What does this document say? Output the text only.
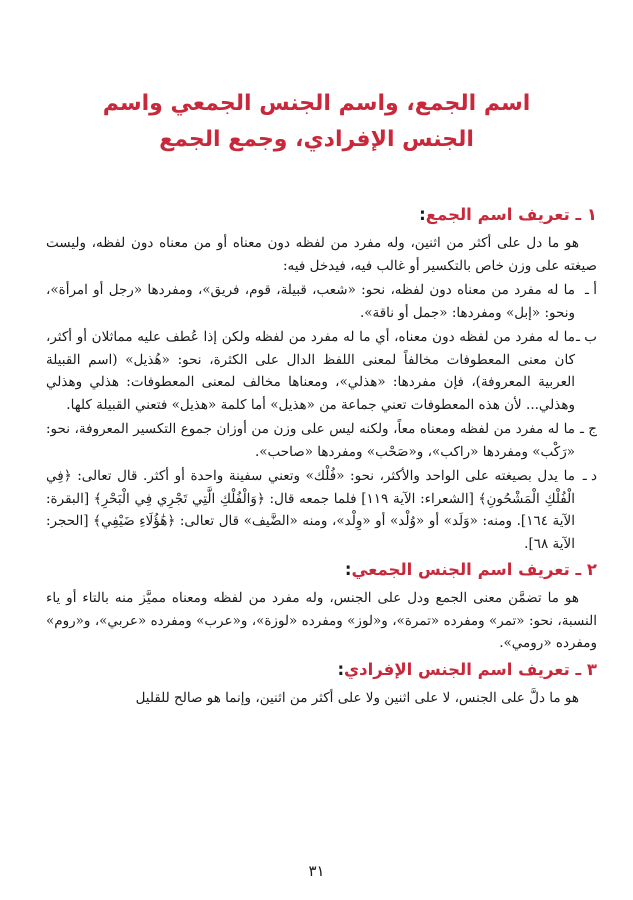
اسم الجمع، واسم الجنس الجمعي واسم
الجنس الإفرادي، وجمع الجمع
١ ـ تعريف اسم الجمع:

هو ما دل على أكثر من اثنين، وله مفرد من لفظه دون معناه أو من معناه دون لفظه، وليست صيغته على وزن خاص بالتكسير أو غالب فيه، فيدخل فيه:

أ ـ
ما له مفرد من معناه دون لفظه، نحو: «شعب، قبيلة، قوم، فريق»، ومفردها «رجل أو امرأة»، ونحو: «إبل» ومفردها: «جمل أو ناقة».
ب ـ
ما له مفرد من لفظه دون معناه، أي ما له مفرد من لفظه ولكن إذا عُطف عليه مماثلان أو أكثر، كان معنى المعطوفات مخالفاً لمعنى اللفظ الدال على الكثرة، نحو: «هُذيل» (اسم القبيلة العربية المعروفة)، فإن مفردها: «هذلي»، ومعناها مخالف لمعنى المعطوفات: هذلي وهذلي وهذلي... لأن هذه المعطوفات تعني جماعة من «هذيل» أما كلمة «هذيل» فتعني القبيلة كلها.
ج ـ
ما له مفرد من لفظه ومعناه معاً، ولكنه ليس على وزن من أوزان جموع التكسير المعروفة، نحو: «رَكْب» ومفردها «راكب»، و«صَحْب» ومفردها «صاحب».
د ـ
ما يدل بصيغته على الواحد والأكثر، نحو: «فُلْك» وتعني سفينة واحدة أو أكثر. قال تعالى: ﴿فِي الْفُلْكِ الْمَشْحُونِ﴾ [الشعراء: الآية ١١٩] فلما جمعه قال: ﴿وَالْفُلْكِ الَّتِي تَجْرِي فِي الْبَحْرِ﴾ [البقرة: الآية ١٦٤]. ومنه: «وَلَد» أو «وُلْد» أو «وِلْد»، ومنه «الضَّيف» قال تعالى: ﴿هَٰؤُلَاءِ ضَيْفِي﴾ [الحجر: الآية ٦٨].
٢ ـ تعريف اسم الجنس الجمعي:

هو ما تضمَّن معنى الجمع ودل على الجنس، وله مفرد من لفظه ومعناه مميَّز منه بالتاء أو ياء النسبة، نحو: «تمر» ومفرده «تمرة»، و«لوز» ومفرده «لوزة»، و«عرب» ومفرده «عربي»، و«روم» ومفرده «رومي».

٣ ـ تعريف اسم الجنس الإفرادي:

هو ما دلَّ على الجنس، لا على اثنين ولا على أكثر من اثنين، وإنما هو صالح للقليل

٣١
